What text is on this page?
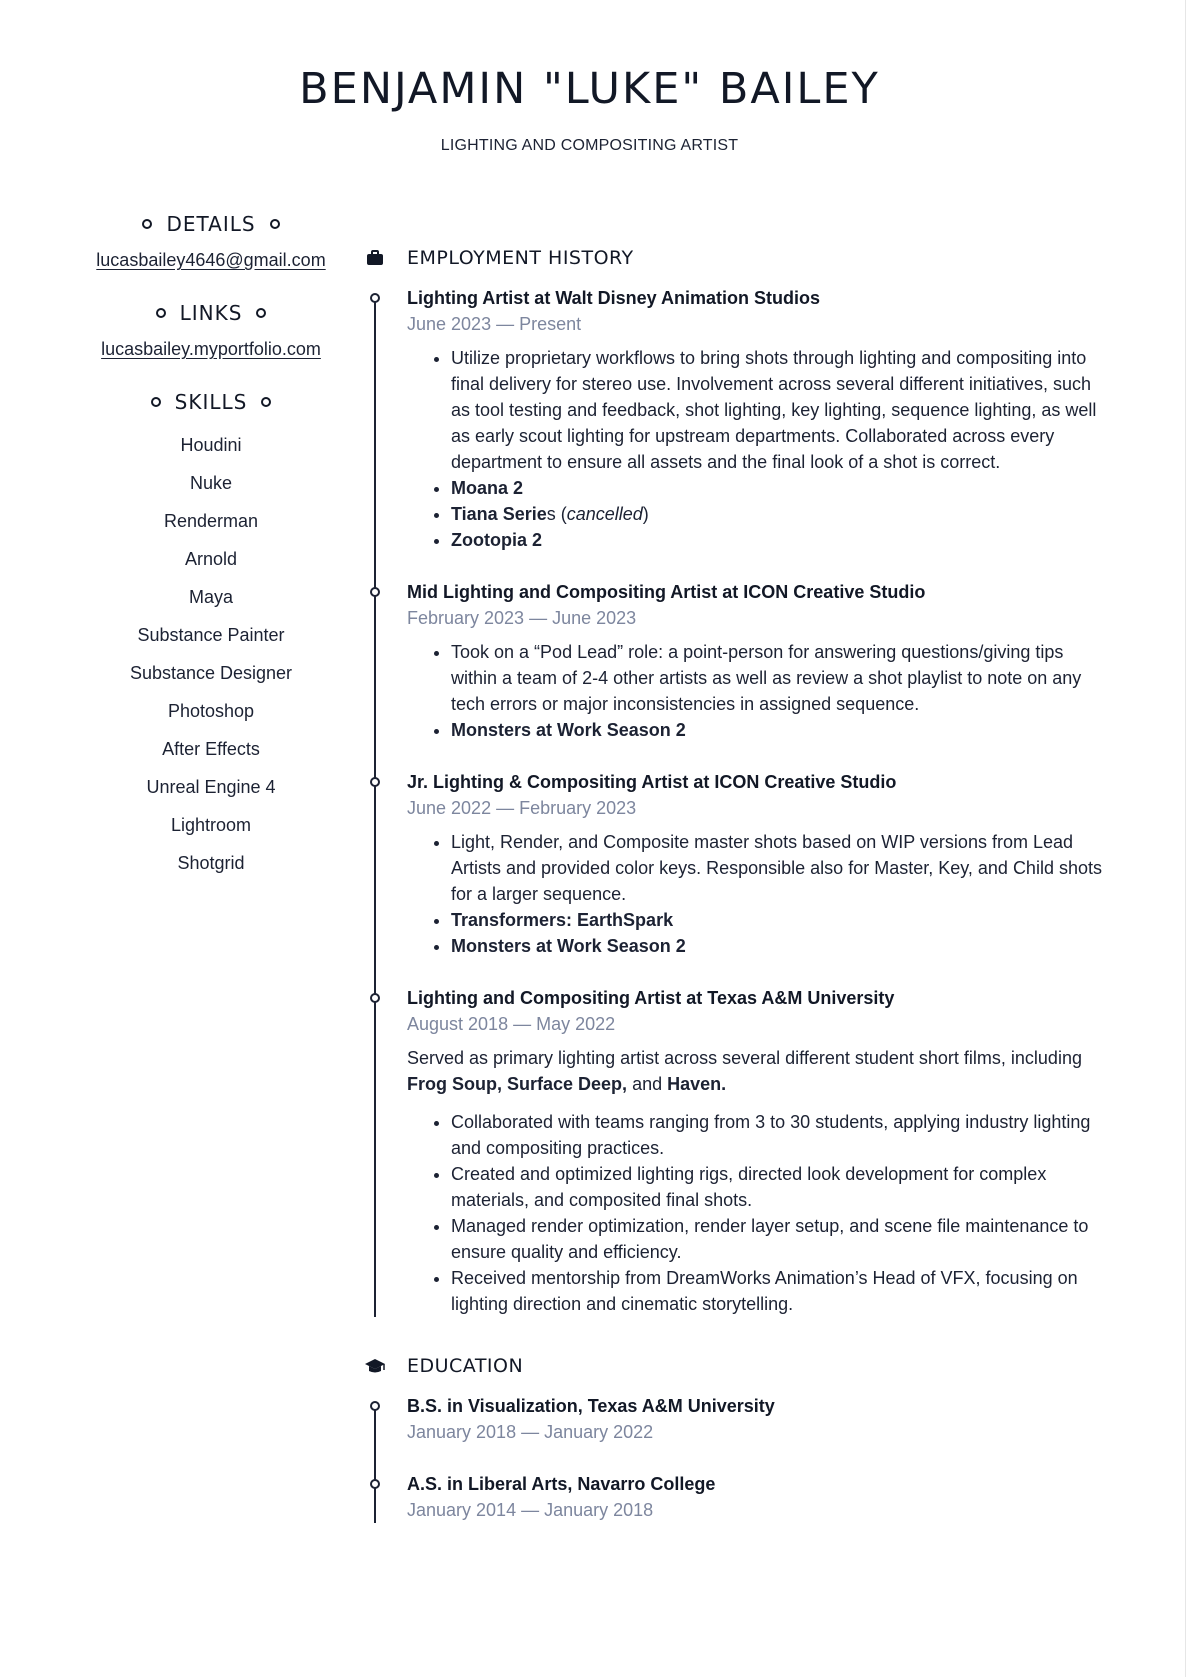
BENJAMIN "LUKE" BAILEY
LIGHTING AND COMPOSITING ARTIST
DETAILS
lucasbailey4646@gmail.com
LINKS
lucasbailey.myportfolio.com
SKILLS
Houdini
Nuke
Renderman
Arnold
Maya
Substance Painter
Substance Designer
Photoshop
After Effects
Unreal Engine 4
Lightroom
Shotgrid
EMPLOYMENT HISTORY
Lighting Artist at Walt Disney Animation Studios
June 2023 — Present
• Utilize proprietary workflows to bring shots through lighting and compositing into final delivery for stereo use. Involvement across several different initiatives, such as tool testing and feedback, shot lighting, key lighting, sequence lighting, as well as early scout lighting for upstream departments. Collaborated across every department to ensure all assets and the final look of a shot is correct.
• Moana 2
• Tiana Series (cancelled)
• Zootopia 2
Mid Lighting and Compositing Artist at ICON Creative Studio
February 2023 — June 2023
• Took on a “Pod Lead” role: a point-person for answering questions/giving tips within a team of 2-4 other artists as well as review a shot playlist to note on any tech errors or major inconsistencies in assigned sequence.
• Monsters at Work Season 2
Jr. Lighting & Compositing Artist at ICON Creative Studio
June 2022 — February 2023
• Light, Render, and Composite master shots based on WIP versions from Lead Artists and provided color keys. Responsible also for Master, Key, and Child shots for a larger sequence.
• Transformers: EarthSpark
• Monsters at Work Season 2
Lighting and Compositing Artist at Texas A&M University
August 2018 — May 2022

Served as primary lighting artist across several different student short films, including
Frog Soup, Surface Deep, and Haven.

• Collaborated with teams ranging from 3 to 30 students, applying industry lighting and compositing practices.
• Created and optimized lighting rigs, directed look development for complex materials, and composited final shots.
• Managed render optimization, render layer setup, and scene file maintenance to ensure quality and efficiency.
• Received mentorship from DreamWorks Animation’s Head of VFX, focusing on lighting direction and cinematic storytelling.
EDUCATION
B.S. in Visualization, Texas A&M University
January 2018 — January 2022
A.S. in Liberal Arts, Navarro College
January 2014 — January 2018
